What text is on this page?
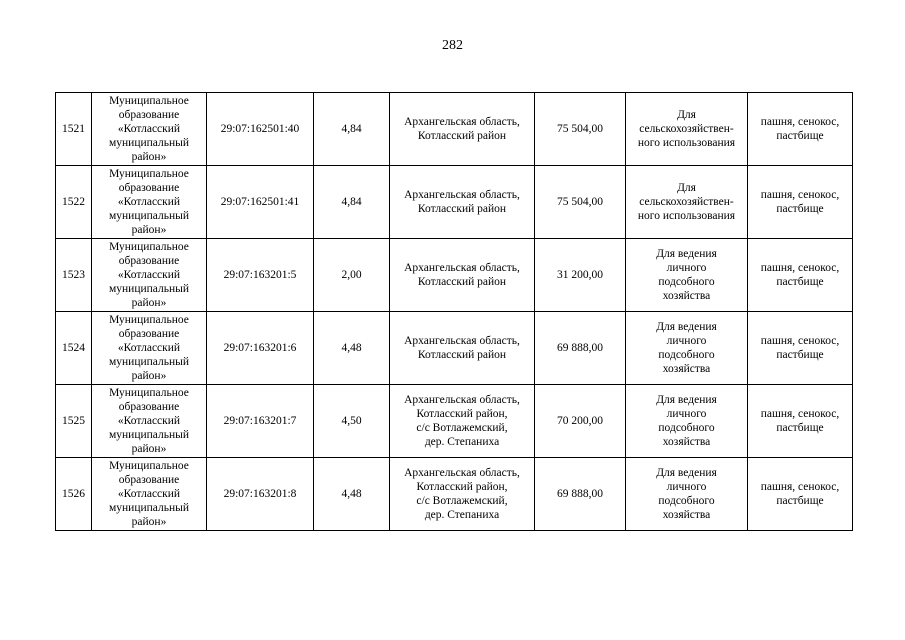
282
1521	Муниципальное
образование
«Котласский
муниципальный
район»	29:07:162501:40	4,84	Архангельская область,
Котласский район	75 504,00	Для
сельскохозяйствен-
ного использования	пашня, сенокос,
пастбище

1522	Муниципальное
образование
«Котласский
муниципальный
район»	29:07:162501:41	4,84	Архангельская область,
Котласский район	75 504,00	Для
сельскохозяйствен-
ного использования	пашня, сенокос,
пастбище

1523	Муниципальное
образование
«Котласский
муниципальный
район»	29:07:163201:5	2,00	Архангельская область,
Котласский район	31 200,00	Для ведения
личного
подсобного
хозяйства	пашня, сенокос,
пастбище

1524	Муниципальное
образование
«Котласский
муниципальный
район»	29:07:163201:6	4,48	Архангельская область,
Котласский район	69 888,00	Для ведения
личного
подсобного
хозяйства	пашня, сенокос,
пастбище

1525	Муниципальное
образование
«Котласский
муниципальный
район»	29:07:163201:7	4,50	Архангельская область,
Котласский район,
с/с Вотлажемский,
дер. Степаниха	70 200,00	Для ведения
личного
подсобного
хозяйства	пашня, сенокос,
пастбище

1526	Муниципальное
образование
«Котласский
муниципальный
район»	29:07:163201:8	4,48	Архангельская область,
Котласский район,
с/с Вотлажемский,
дер. Степаниха	69 888,00	Для ведения
личного
подсобного
хозяйства	пашня, сенокос,
пастбище
